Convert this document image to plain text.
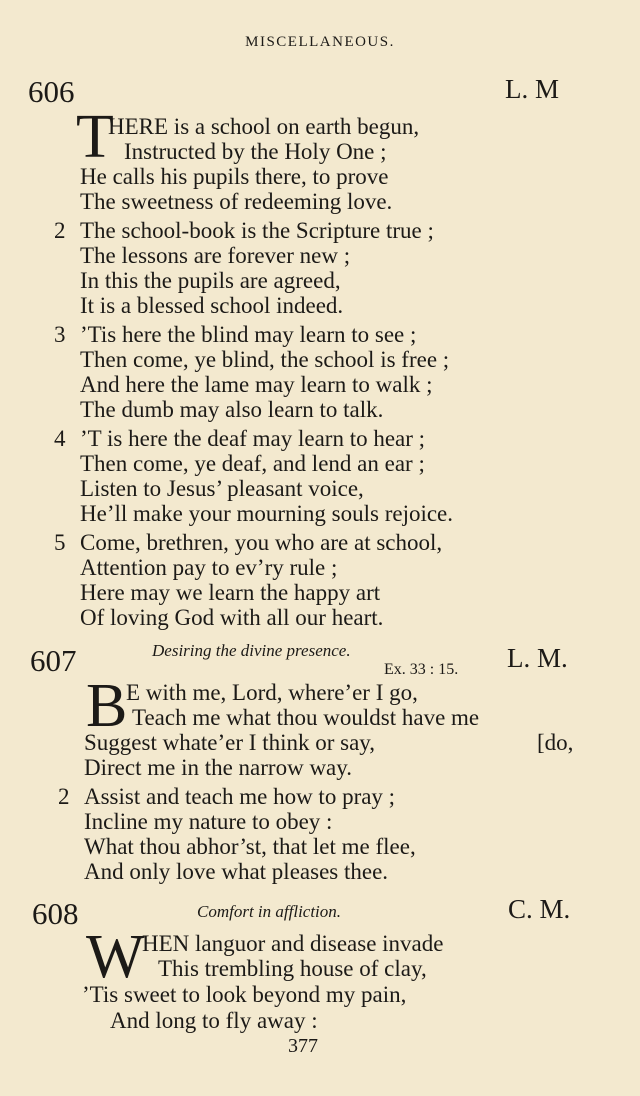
MISCELLANEOUS.
606	L. M
T
HERE is a school on earth begun,
Instructed by the Holy One ;
He calls his pupils there, to prove
The sweetness of redeeming love.
2 The school-book is the Scripture true ;
The lessons are forever new ;
In this the pupils are agreed,
It is a blessed school indeed.
3 ’Tis here the blind may learn to see ;
Then come, ye blind, the school is free ;
And here the lame may learn to walk ;
The dumb may also learn to talk.
4 ’T is here the deaf may learn to hear ;
Then come, ye deaf, and lend an ear ;
Listen to Jesus’ pleasant voice,
He’ll make your mourning souls rejoice.
5 Come, brethren, you who are at school,
Attention pay to ev’ry rule ;
Here may we learn the happy art
Of loving God with all our heart.
607	Desiring the divine presence.
Ex. 33 : 15. L. M.
B
E with me, Lord, where’er I go,
Teach me what thou wouldst have me
Suggest whate’er I think or say,	[do,
Direct me in the narrow way.
2 Assist and teach me how to pray ;
Incline my nature to obey :
What thou abhor’st, that let me flee,
And only love what pleases thee.
608	Comfort in affliction.	C. M.
W
HEN languor and disease invade
This trembling house of clay,
’Tis sweet to look beyond my pain,
And long to fly away :
377
